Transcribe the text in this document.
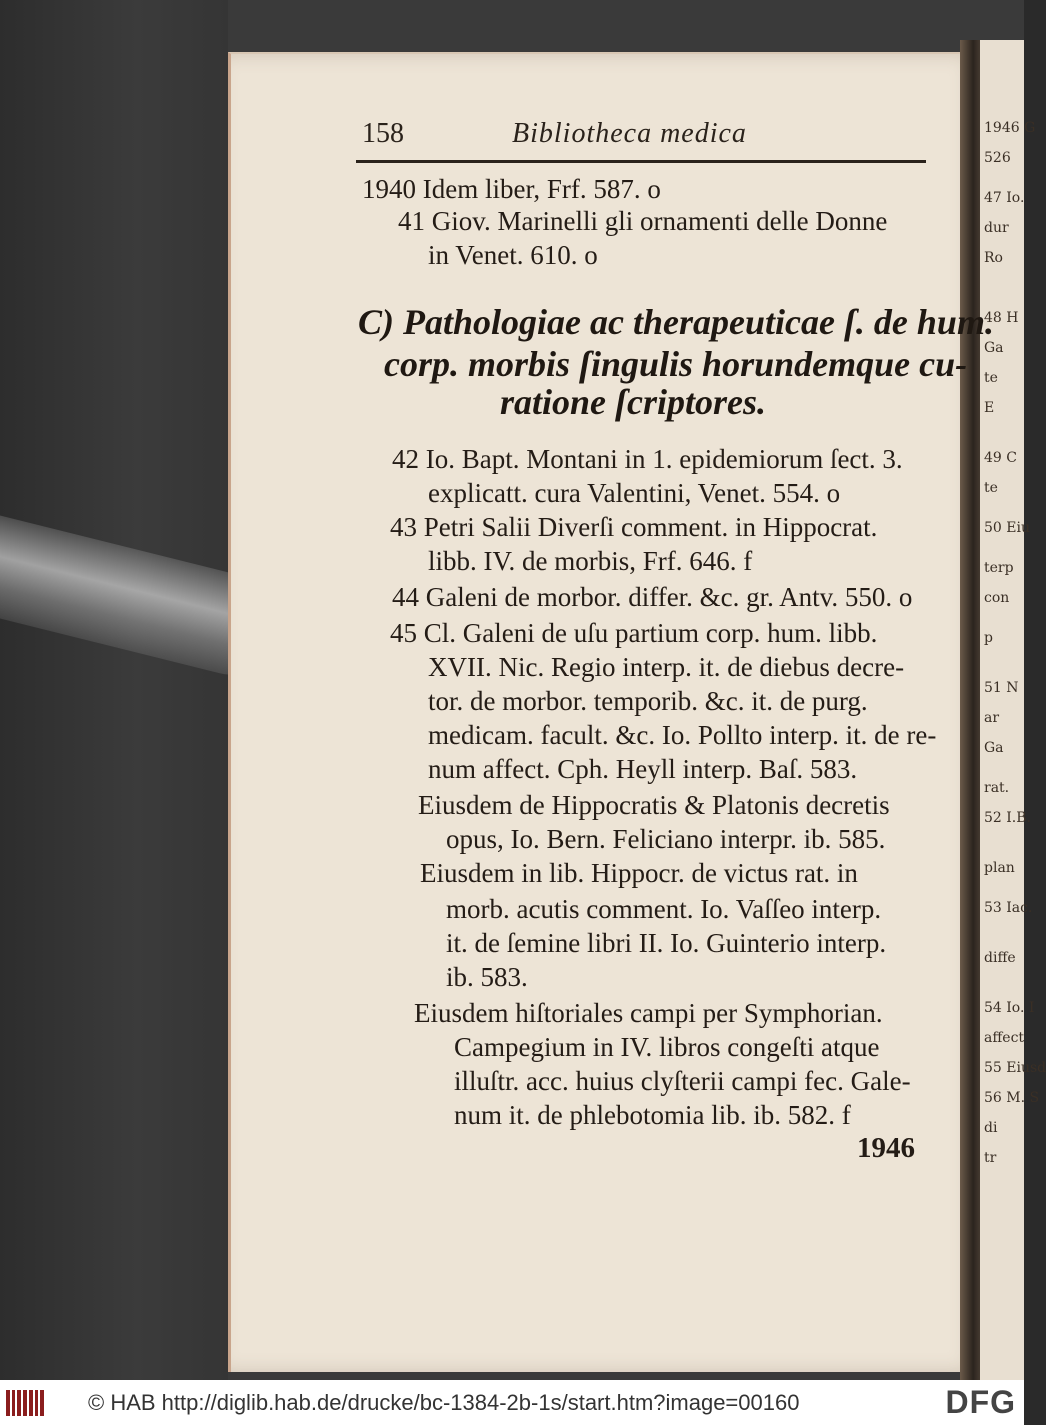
1946 G
526
47 Io.
dur
Ro
48 H
Ga
te
E
49 C
te
50 Eiu
terp
con
p
51 N
ar
Ga
rat.
52 I.B.
plan
53 Iac.
diffe
54 Io. I
affect
55 Eiusd
56 M. S
di
tr
158	Bibliotheca medica
1940 Idem liber, Frf. 587. o
41 Giov. Marinelli gli ornamenti delle Donne
in Venet. 610. o
C) Pathologiae ac therapeuticae ſ. de hum.
corp. morbis ſingulis horundemque cu-
ratione ſcriptores.
42 Io. Bapt. Montani in 1. epidemiorum ſect. 3.
explicatt. cura Valentini, Venet. 554. o
43 Petri Salii Diverſi comment. in Hippocrat.
libb. IV. de morbis, Frf. 646. f
44 Galeni de morbor. differ. &c. gr. Antv. 550. o
45 Cl. Galeni de uſu partium corp. hum. libb.
XVII. Nic. Regio interp. it. de diebus decre-
tor. de morbor. temporib. &c. it. de purg.
medicam. facult. &c. Io. Pollto interp. it. de re-
num affect. Cph. Heyll interp. Baſ. 583.
Eiusdem de Hippocratis & Platonis decretis
opus, Io. Bern. Feliciano interpr. ib. 585.
Eiusdem in lib. Hippocr. de victus rat. in
morb. acutis comment. Io. Vaſſeo interp.
it. de ſemine libri II. Io. Guinterio interp.
ib. 583.
Eiusdem hiſtoriales campi per Symphorian.
Campegium in IV. libros congeſti atque
illuſtr. acc. huius clyſterii campi fec. Gale-
num it. de phlebotomia lib. ib. 582. f
1946
© HAB http://diglib.hab.de/drucke/bc-1384-2b-1s/start.htm?image=00160	DFG
